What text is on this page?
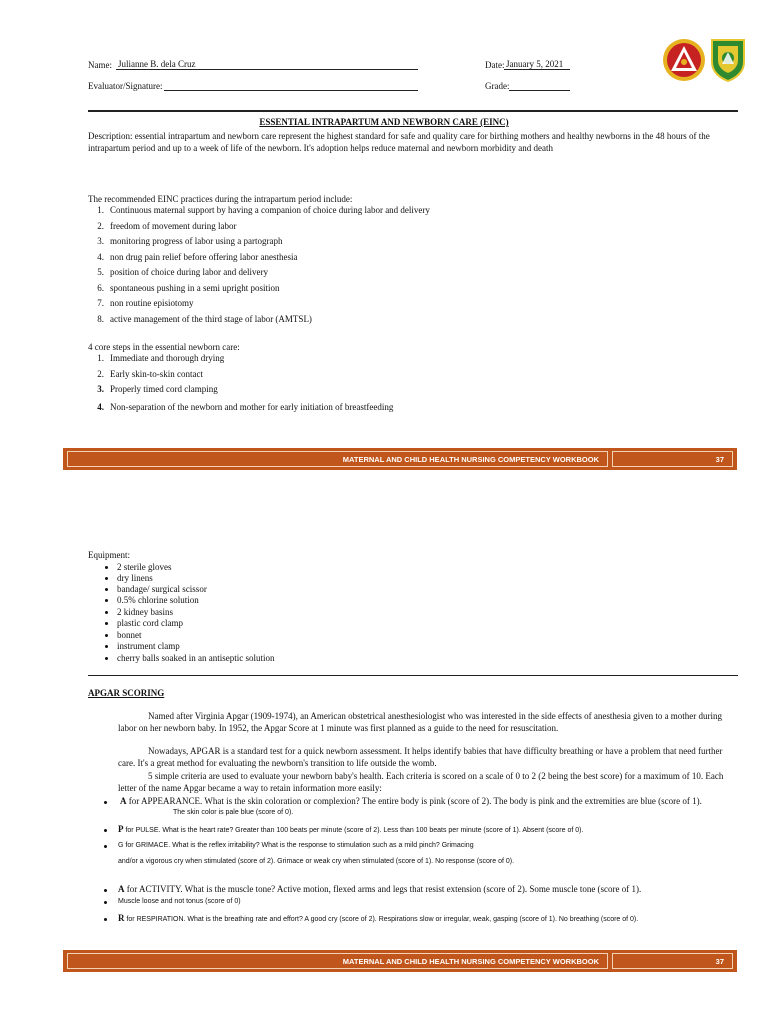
Name: Julianne B. dela Cruz
Evaluator/Signature:
Date: January 5, 2021
Grade:
ESSENTIAL INTRAPARTUM AND NEWBORN CARE (EINC)
Description: essential intrapartum and newborn care represent the highest standard for safe and quality care for birthing mothers and healthy newborns in the 48 hours of the
intrapartum period and up to a week of life of the newborn. It's adoption helps reduce maternal and newborn morbidity and death
The recommended EINC practices during the intrapartum period include:
1. Continuous maternal support by having a companion of choice during labor and delivery
2. freedom of movement during labor
3. monitoring progress of labor using a partograph
4. non drug pain relief before offering labor anesthesia
5. position of choice during labor and delivery
6. spontaneous pushing in a semi upright position
7. non routine episiotomy
8. active management of the third stage of labor (AMTSL)
4 core steps in the essential newborn care:
1. Immediate and thorough drying
2. Early skin-to-skin contact
3. Properly timed cord clamping
4. Non-separation of the newborn and mother for early initiation of breastfeeding
MATERNAL AND CHILD HEALTH NURSING COMPETENCY WORKBOOK	37
Equipment:
2 sterile gloves
dry linens
bandage/ surgical scissor
0.5% chlorine solution
2 kidney basins
plastic cord clamp
bonnet
instrument clamp
cherry balls soaked in an antiseptic solution
APGAR SCORING
Named after Virginia Apgar (1909-1974), an American obstetrical anesthesiologist who was interested in the side effects of anesthesia given to a mother during
labor on her newborn baby. In 1952, the Apgar Score at 1 minute was first planned as a guide to the need for resuscitation.
Nowadays, APGAR is a standard test for a quick newborn assessment. It helps identify babies that have difficulty breathing or have a problem that need further
care. It's a great method for evaluating the newborn's transition to life outside the womb.
5 simple criteria are used to evaluate your newborn baby's health. Each criteria is scored on a scale of 0 to 2 (2 being the best score) for a maximum of 10. Each
letter of the name Apgar became a way to retain information more easily:
A for APPEARANCE. What is the skin coloration or complexion? The entire body is pink (score of 2). The body is pink and the extremities are blue (score of 1).
The skin color is pale blue (score of 0).
P for PULSE. What is the heart rate? Greater than 100 beats per minute (score of 2). Less than 100 beats per minute (score of 1). Absent (score of 0).
G for GRIMACE. What is the reflex irritability? What is the response to stimulation such as a mild pinch? Grimacing
and/or a vigorous cry when stimulated (score of 2). Grimace or weak cry when stimulated (score of 1). No response (score of 0).
A for ACTIVITY. What is the muscle tone? Active motion, flexed arms and legs that resist extension (score of 2). Some muscle tone (score of 1).
Muscle loose and not tonus (score of 0)
R for RESPIRATION. What is the breathing rate and effort? A good cry (score of 2). Respirations slow or irregular, weak, gasping (score of 1). No breathing (score of 0).
MATERNAL AND CHILD HEALTH NURSING COMPETENCY WORKBOOK	37
